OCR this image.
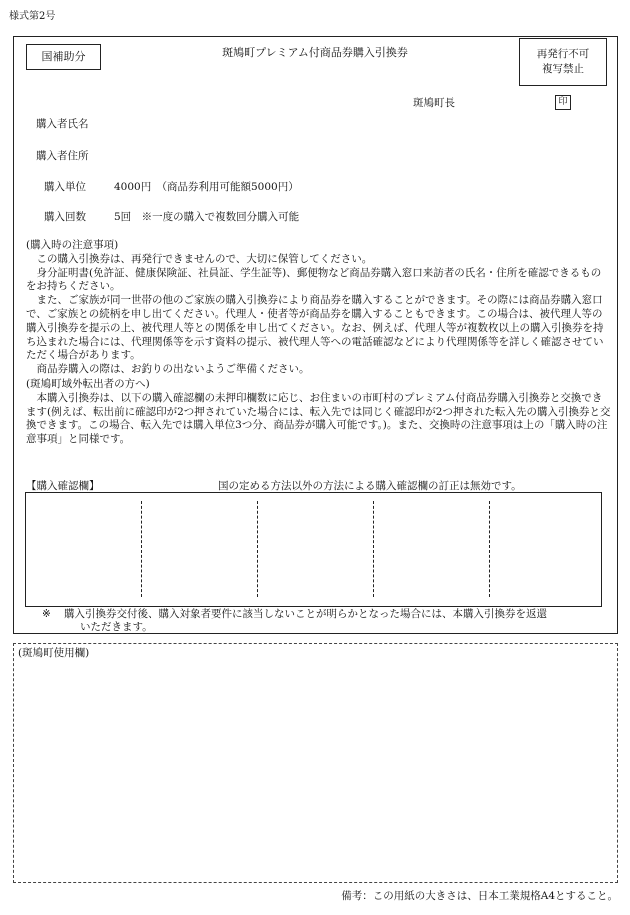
様式第2号
国補助分	斑鳩町プレミアム付商品券購入引換券	再発行不可
複写禁止
斑鳩町長	印
購入者氏名
購入者住所
購入単位	4000円　（商品券利用可能額5000円）
購入回数	5回　※一度の購入で複数回分購入可能

(購入時の注意事項)

この購入引換券は、再発行できませんので、大切に保管してください。

身分証明書(免許証、健康保険証、社員証、学生証等)、郵便物など商品券購入窓口来訪者の氏名・住所を確認できるものをお持ちください。

また、ご家族が同一世帯の他のご家族の購入引換券により商品券を購入することができます。その際には商品券購入窓口で、ご家族との続柄を申し出てください。代理人・使者等が商品券を購入することもできます。この場合は、被代理人等の購入引換券を提示の上、被代理人等との関係を申し出てください。なお、例えば、代理人等が複数枚以上の購入引換券を持ち込まれた場合には、代理関係等を示す資料の提示、被代理人等への電話確認などにより代理関係等を詳しく確認させていただく場合があります。

商品券購入の際は、お釣りの出ないようご準備ください。

(斑鳩町域外転出者の方へ)

本購入引換券は、以下の購入確認欄の未押印欄数に応じ、お住まいの市町村のプレミアム付商品券購入引換券と交換できます(例えば、転出前に確認印が2つ押されていた場合には、転入先では同じく確認印が2つ押された転入先の購入引換券と交換できます。この場合、転入先では購入単位3つ分、商品券が購入可能です。)。また、交換時の注意事項は上の「購入時の注意事項」と同様です。

【購入確認欄】	国の定める方法以外の方法による購入確認欄の訂正は無効です。
※ 購入引換券交付後、購入対象者要件に該当しないことが明らかとなった場合には、本購入引換券を返還
いただきます。
(斑鳩町使用欄)
備考：この用紙の大きさは、日本工業規格A4とすること。
